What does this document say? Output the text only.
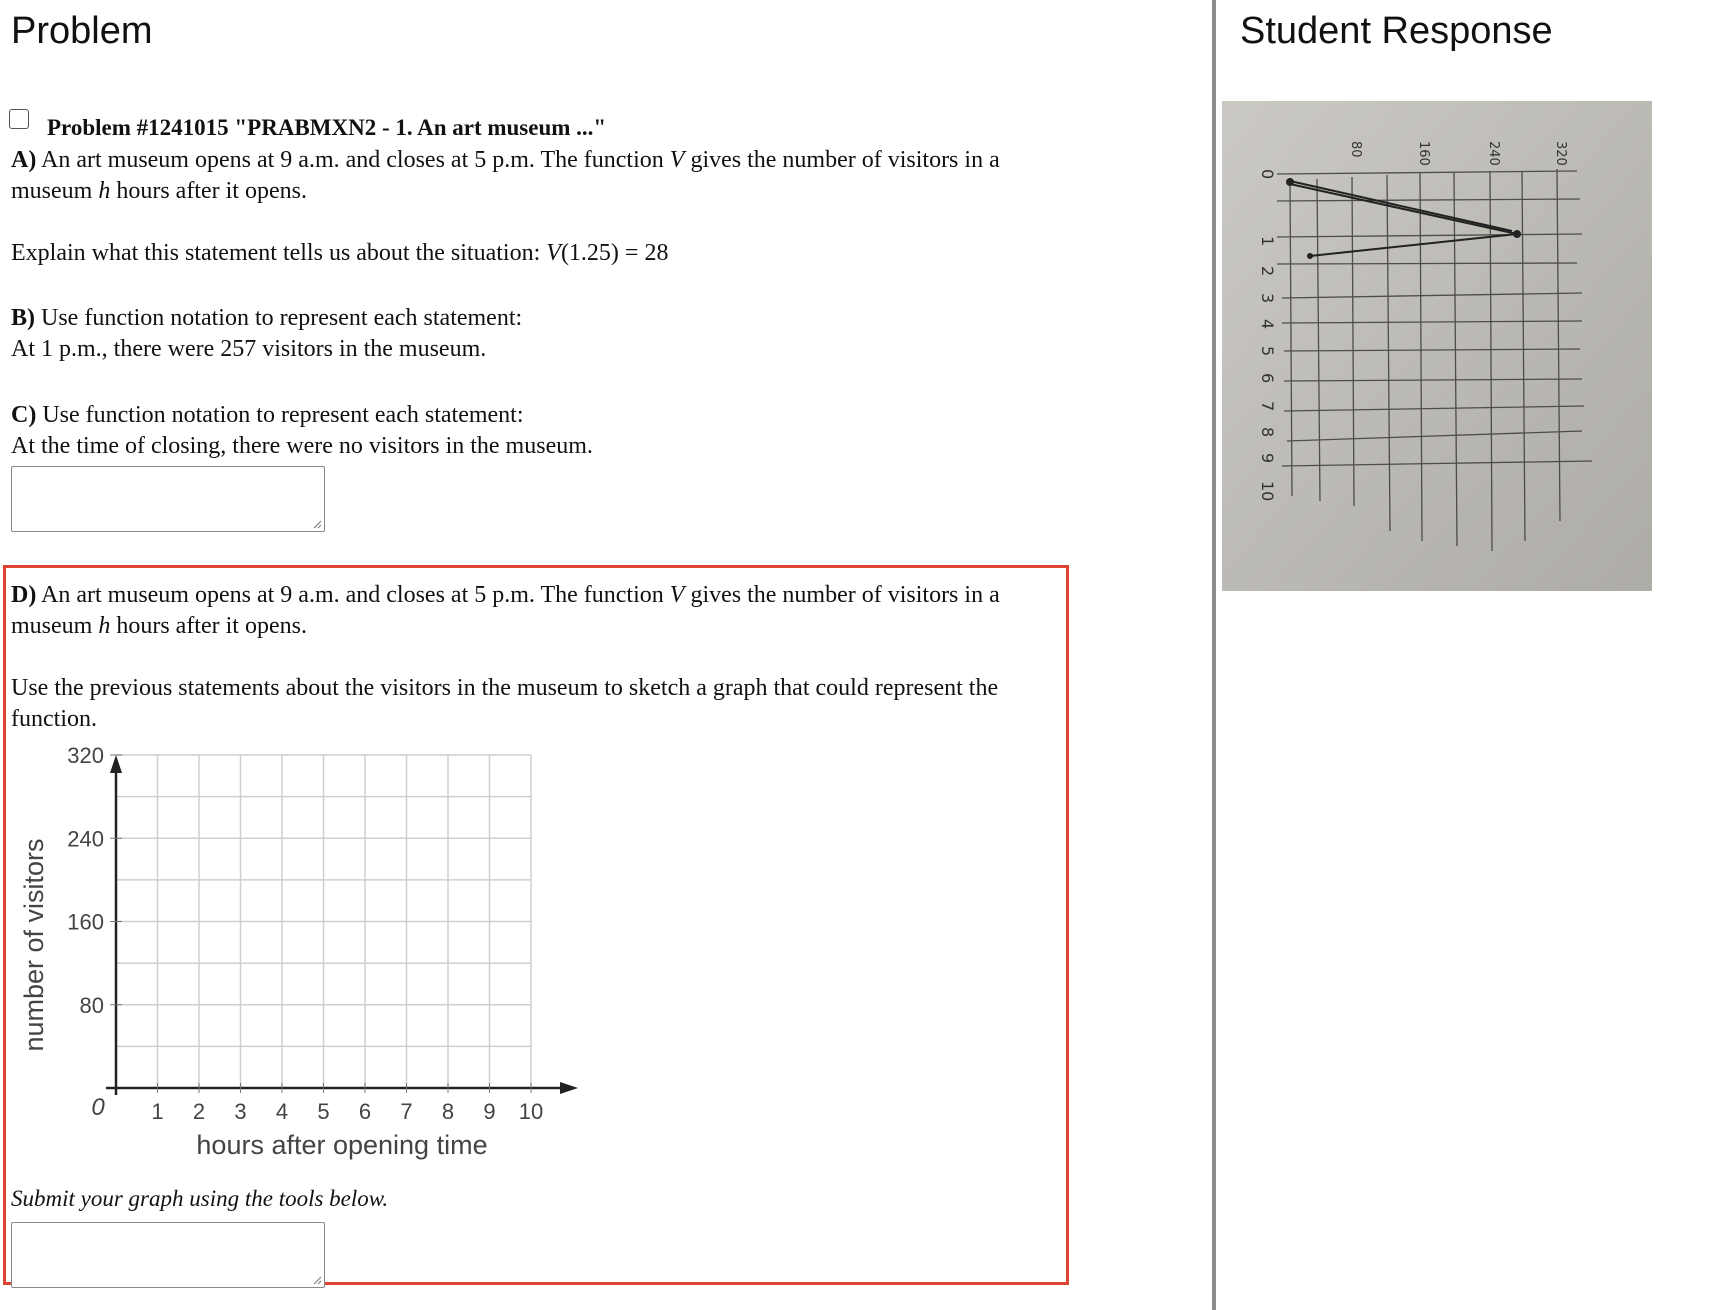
Problem
Problem #1241015 "PRABMXN2 - 1. An art museum ..."
A) An art museum opens at 9 a.m. and closes at 5 p.m. The function V gives the number of visitors in a
museum h hours after it opens.
Explain what this statement tells us about the situation: V(1.25) = 28
B) Use function notation to represent each statement:
At 1 p.m., there were 257 visitors in the museum.
C) Use function notation to represent each statement:
At the time of closing, there were no visitors in the museum.
D) An art museum opens at 9 a.m. and closes at 5 p.m. The function V gives the number of visitors in a
museum h hours after it opens.
Use the previous statements about the visitors in the museum to sketch a graph that could represent the
function.
1 2 3 4 5 6 7 8 9 10
80
160
240
320
0
hours after opening time
number of visitors
Submit your graph using the tools below.
Student Response
80	160	240	320
0
1
2
3
4
5
6
7
8
9
10
